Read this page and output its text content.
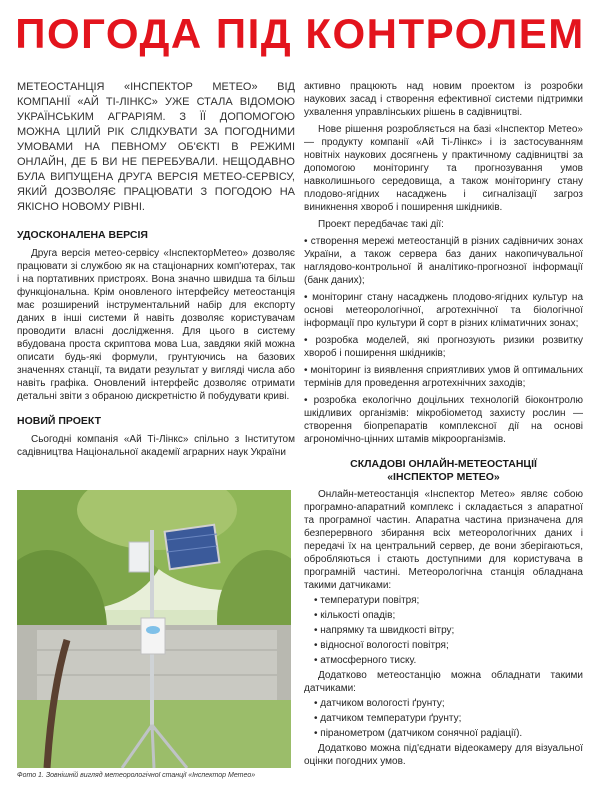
ПОГОДА ПІД КОНТРОЛЕМ

МЕТЕОСТАНЦІЯ «ІНСПЕКТОР МЕТЕО» ВІД КОМПАНІЇ «АЙ ТІ-ЛІНКС» УЖЕ СТАЛА ВІДОМОЮ УКРАЇНСЬКИМ АГРАРІЯМ. З ЇЇ ДОПОМОГОЮ МОЖНА ЦІЛИЙ РІК СЛІДКУВАТИ ЗА ПОГОДНИМИ УМОВАМИ НА ПЕВНОМУ ОБ'ЄКТІ В РЕЖИМІ ОНЛАЙН, ДЕ Б ВИ НЕ ПЕРЕБУВАЛИ. НЕЩОДАВНО БУЛА ВИПУЩЕНА ДРУГА ВЕРСІЯ МЕТЕО-СЕРВІСУ, ЯКИЙ ДОЗВОЛЯЄ ПРАЦЮВАТИ З ПОГОДОЮ НА ЯКІСНО НОВОМУ РІВНІ.

УДОСКОНАЛЕНА ВЕРСІЯ

Друга версія метео-сервісу «ІнспекторМетео» дозволяє працювати зі службою як на стаціонарних комп'ютерах, так і на портативних пристроях. Вона значно швидша та більш функціональна. Крім оновленого інтерфейсу метеостанція має розширений інструментальний набір для експорту даних в інші системи й навіть дозволяє користувачам проводити власні дослідження. Для цього в систему вбудована проста скриптова мова Lua, завдяки якій можна описати будь-які формули, грунтуючись на базових значеннях станції, та видати результат у вигляді числа або навіть графіка. Оновлений інтерфейс дозволяє отримати детальні звіти з обраною дискретністю й побудувати криві.

НОВИЙ ПРОЕКТ

Сьогодні компанія «Ай Ті-Лінкс» спільно з Інститутом садівництва Національної академії аграрних наук України

Фото 1. Зовнішній вигляд метеорологічної станції «Інспектор Метео»

активно працюють над новим проектом із розробки наукових засад і створення ефективної системи підтримки ухвалення управлінських рішень в садівництві.

Нове рішення розробляється на базі «Інспектор Метео» — продукту компанії «Ай Ті-Лінкс» і із застосуванням новітніх наукових досягнень у практичному садівництві за допомогою моніторингу та прогнозування умов навколишнього середовища, а також моніторингу стану плодово-ягідних насаджень і сигналізації загроз виникнення хвороб і поширення шкідників.

Проект передбачає такі дії:

• створення мережі метеостанцій в різних садівничих зонах України, а також сервера баз даних накопичувальної наглядово-контрольної й аналітико-прогнозної інформації (банк даних);

• моніторинг стану насаджень плодово-ягідних культур на основі метеорологічної, агротехнічної та біологічної інформації про культури й сорт в різних кліматичних зонах;

• розробка моделей, які прогнозують ризики розвитку хвороб і поширення шкідників;

• моніторинг із виявлення сприятливих умов й оптимальних термінів для проведення агротехнічних заходів;

• розробка екологічно доцільних технологій біоконтролю шкідливих організмів: мікробіометод захисту рослин — створення біопрепаратів комплексної дії на основі агрономічно-цінних штамів мікроорганізмів.

СКЛАДОВІ ОНЛАЙН-МЕТЕОСТАНЦІЇ
«ІНСПЕКТОР МЕТЕО»

Онлайн-метеостанція «Інспектор Метео» являє собою програмно-апаратний комплекс і складається з апаратної та програмної частин. Апаратна частина призначена для безперервного збирання всіх метеорологічних даних і передачі їх на центральний сервер, де вони зберігаються, обробляються і стають доступними для користувача в програмній частині. Метеорологічна станція обладнана такими датчиками:

• температури повітря;

• кількості опадів;

• напрямку та швидкості вітру;

• відносної вологості повітря;

• атмосферного тиску.

Додатково метеостанцію можна обладнати такими датчиками:

• датчиком вологості ґрунту;

• датчиком температури ґрунту;

• піранометром (датчиком сонячної радіації).

Додатково можна під'єднати відеокамеру для візуальної оцінки погодних умов.
